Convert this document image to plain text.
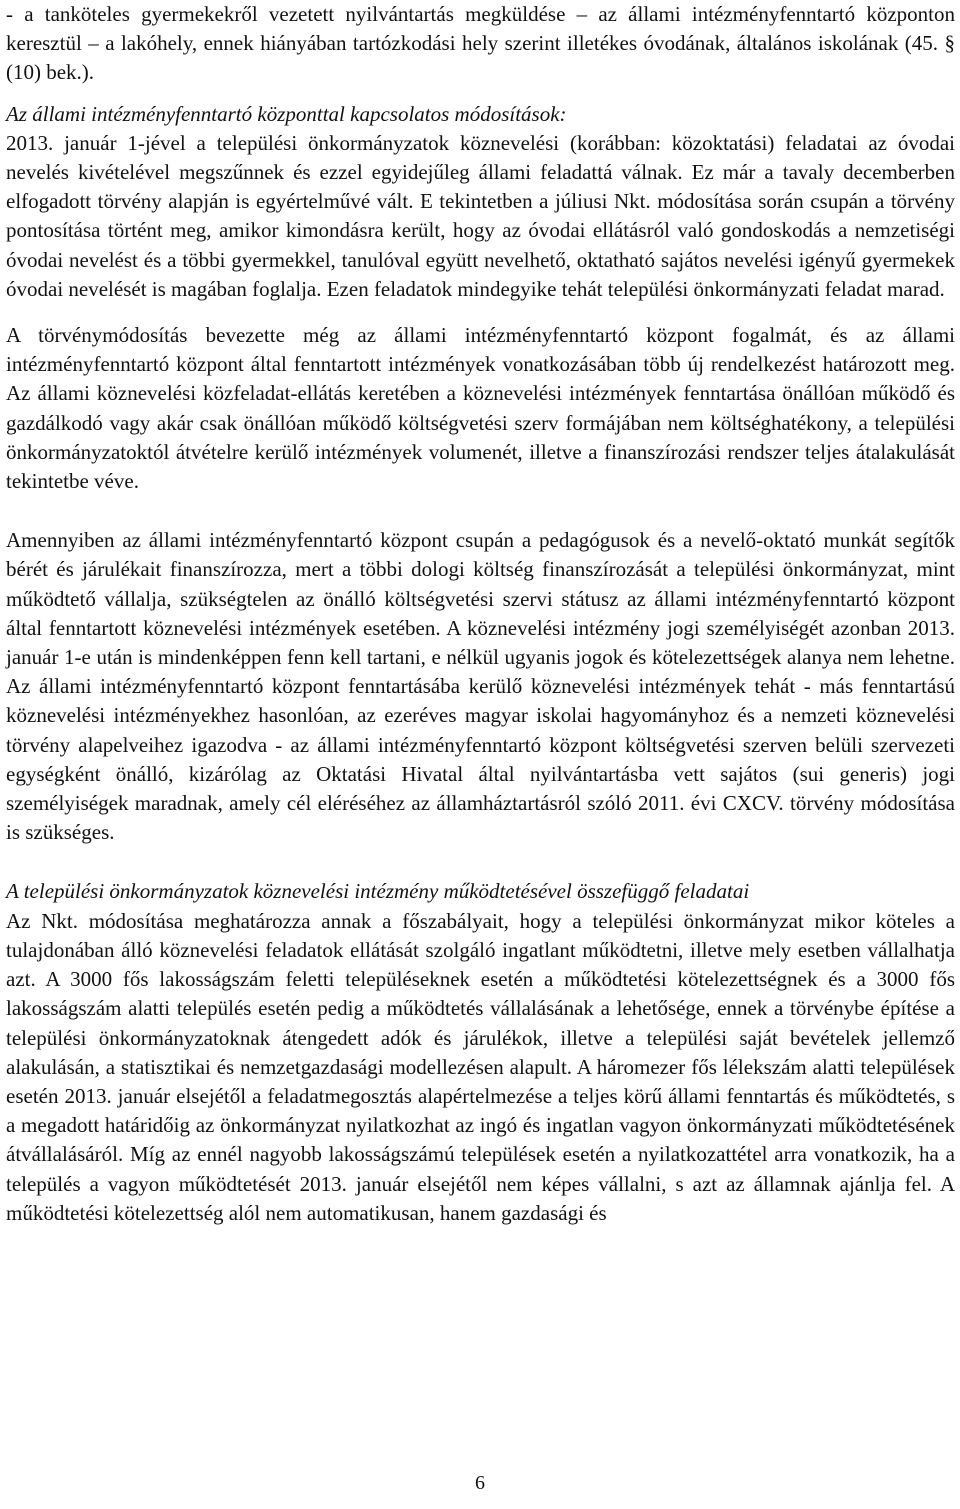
- a tanköteles gyermekekről vezetett nyilvántartás megküldése – az állami intézményfenntartó központon keresztül – a lakóhely, ennek hiányában tartózkodási hely szerint illetékes óvodának, általános iskolának (45. § (10) bek.).

Az állami intézményfenntartó központtal kapcsolatos módosítások:

2013. január 1-jével a települési önkormányzatok köznevelési (korábban: közoktatási) feladatai az óvodai nevelés kivételével megszűnnek és ezzel egyidejűleg állami feladattá válnak. Ez már a tavaly decemberben elfogadott törvény alapján is egyértelművé vált. E tekintetben a júliusi Nkt. módosítása során csupán a törvény pontosítása történt meg, amikor kimondásra került, hogy az óvodai ellátásról való gondoskodás a nemzetiségi óvodai nevelést és a többi gyermekkel, tanulóval együtt nevelhető, oktatható sajátos nevelési igényű gyermekek óvodai nevelését is magában foglalja. Ezen feladatok mindegyike tehát települési önkormányzati feladat marad.

A törvénymódosítás bevezette még az állami intézményfenntartó központ fogalmát, és az állami intézményfenntartó központ által fenntartott intézmények vonatkozásában több új rendelkezést határozott meg. Az állami köznevelési közfeladat-ellátás keretében a köznevelési intézmények fenntartása önállóan működő és gazdálkodó vagy akár csak önállóan működő költségvetési szerv formájában nem költséghatékony, a települési önkormányzatoktól átvételre kerülő intézmények volumenét, illetve a finanszírozási rendszer teljes átalakulását tekintetbe véve.

Amennyiben az állami intézményfenntartó központ csupán a pedagógusok és a nevelő-oktató munkát segítők bérét és járulékait finanszírozza, mert a többi dologi költség finanszírozását a települési önkormányzat, mint működtető vállalja, szükségtelen az önálló költségvetési szervi státusz az állami intézményfenntartó központ által fenntartott köznevelési intézmények esetében. A köznevelési intézmény jogi személyiségét azonban 2013. január 1-e után is mindenképpen fenn kell tartani, e nélkül ugyanis jogok és kötelezettségek alanya nem lehetne. Az állami intézményfenntartó központ fenntartásába kerülő köznevelési intézmények tehát - más fenntartású köznevelési intézményekhez hasonlóan, az ezeréves magyar iskolai hagyományhoz és a nemzeti köznevelési törvény alapelveihez igazodva - az állami intézményfenntartó központ költségvetési szerven belüli szervezeti egységként önálló, kizárólag az Oktatási Hivatal által nyilvántartásba vett sajátos (sui generis) jogi személyiségek maradnak, amely cél eléréséhez az államháztartásról szóló 2011. évi CXCV. törvény módosítása is szükséges.

A települési önkormányzatok köznevelési intézmény működtetésével összefüggő feladatai

Az Nkt. módosítása meghatározza annak a főszabályait, hogy a települési önkormányzat mikor köteles a tulajdonában álló köznevelési feladatok ellátását szolgáló ingatlant működtetni, illetve mely esetben vállalhatja azt. A 3000 fős lakosságszám feletti településeknek esetén a működtetési kötelezettségnek és a 3000 fős lakosságszám alatti település esetén pedig a működtetés vállalásának a lehetősége, ennek a törvénybe építése a települési önkormányzatoknak átengedett adók és járulékok, illetve a települési saját bevételek jellemző alakulásán, a statisztikai és nemzetgazdasági modellezésen alapult. A háromezer fős lélekszám alatti települések esetén 2013. január elsejétől a feladatmegosztás alapértelmezése a teljes körű állami fenntartás és működtetés, s a megadott határidőig az önkormányzat nyilatkozhat az ingó és ingatlan vagyon önkormányzati működtetésének átvállalásáról. Míg az ennél nagyobb lakosságszámú települések esetén a nyilatkozattétel arra vonatkozik, ha a település a vagyon működtetését 2013. január elsejétől nem képes vállalni, s azt az államnak ajánlja fel. A működtetési kötelezettség alól nem automatikusan, hanem gazdasági és

6
